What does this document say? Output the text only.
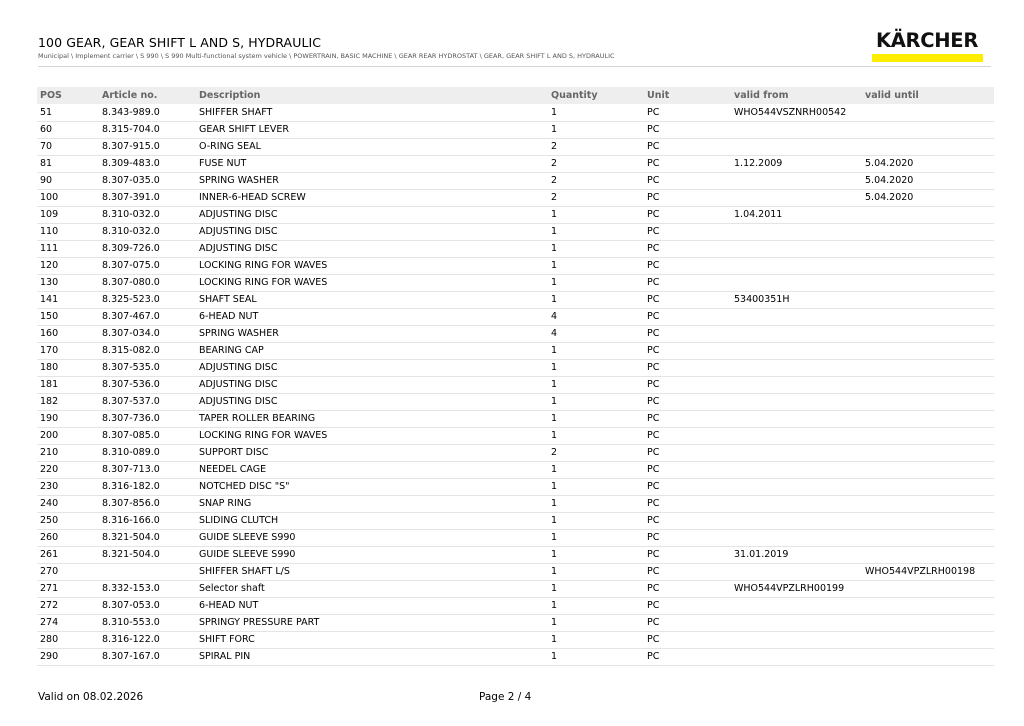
100 GEAR, GEAR SHIFT L AND S, HYDRAULIC
Municipal \ Implement carrier \ S 990 \ S 990 Multi-functional system vehicle \ POWERTRAIN, BASIC MACHINE \ GEAR REAR HYDROSTAT \ GEAR, GEAR SHIFT L AND S, HYDRAULIC
KÄRCHER
POS	Article no.	Description	Quantity	Unit	valid from	valid until
51	8.343-989.0	SHIFFER SHAFT	1	PC	WHO544VSZNRH00542	
60	8.315-704.0	GEAR SHIFT LEVER	1	PC		
70	8.307-915.0	O-RING SEAL	2	PC		
81	8.309-483.0	FUSE NUT	2	PC	1.12.2009	5.04.2020
90	8.307-035.0	SPRING WASHER	2	PC		5.04.2020
100	8.307-391.0	INNER-6-HEAD SCREW	2	PC		5.04.2020
109	8.310-032.0	ADJUSTING DISC	1	PC	1.04.2011	
110	8.310-032.0	ADJUSTING DISC	1	PC		
111	8.309-726.0	ADJUSTING DISC	1	PC		
120	8.307-075.0	LOCKING RING FOR WAVES	1	PC		
130	8.307-080.0	LOCKING RING FOR WAVES	1	PC		
141	8.325-523.0	SHAFT SEAL	1	PC	53400351H	
150	8.307-467.0	6-HEAD NUT	4	PC		
160	8.307-034.0	SPRING WASHER	4	PC		
170	8.315-082.0	BEARING CAP	1	PC		
180	8.307-535.0	ADJUSTING DISC	1	PC		
181	8.307-536.0	ADJUSTING DISC	1	PC		
182	8.307-537.0	ADJUSTING DISC	1	PC		
190	8.307-736.0	TAPER ROLLER BEARING	1	PC		
200	8.307-085.0	LOCKING RING FOR WAVES	1	PC		
210	8.310-089.0	SUPPORT DISC	2	PC		
220	8.307-713.0	NEEDEL CAGE	1	PC		
230	8.316-182.0	NOTCHED DISC "S"	1	PC		
240	8.307-856.0	SNAP RING	1	PC		
250	8.316-166.0	SLIDING CLUTCH	1	PC		
260	8.321-504.0	GUIDE SLEEVE S990	1	PC		
261	8.321-504.0	GUIDE SLEEVE S990	1	PC	31.01.2019	
270		SHIFFER SHAFT L/S	1	PC		WHO544VPZLRH00198
271	8.332-153.0	Selector shaft	1	PC	WHO544VPZLRH00199	
272	8.307-053.0	6-HEAD NUT	1	PC		
274	8.310-553.0	SPRINGY PRESSURE PART	1	PC		
280	8.316-122.0	SHIFT FORC	1	PC		
290	8.307-167.0	SPIRAL PIN	1	PC		
Valid on 08.02.2026	Page 2 / 4
